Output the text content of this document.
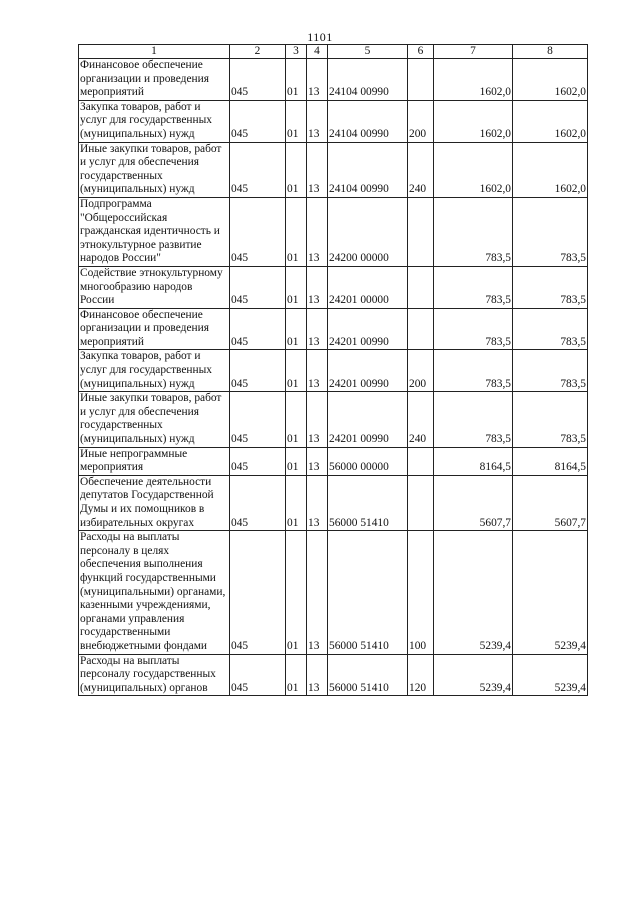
1101
1	2	3	4	5	6	7	8
Финансовое обеспечение организации и проведения мероприятий	045	01	13	24104 00990		1602,0	1602,0
Закупка товаров, работ и услуг для государственных (муниципальных) нужд	045	01	13	24104 00990	200	1602,0	1602,0
Иные закупки товаров, работ и услуг для обеспечения государственных (муниципальных) нужд	045	01	13	24104 00990	240	1602,0	1602,0
Подпрограмма "Общероссийская гражданская идентичность и этнокультурное развитие народов России"	045	01	13	24200 00000		783,5	783,5
Содействие этнокультурному многообразию народов России	045	01	13	24201 00000		783,5	783,5
Финансовое обеспечение организации и проведения мероприятий	045	01	13	24201 00990		783,5	783,5
Закупка товаров, работ и услуг для государственных (муниципальных) нужд	045	01	13	24201 00990	200	783,5	783,5
Иные закупки товаров, работ и услуг для обеспечения государственных (муниципальных) нужд	045	01	13	24201 00990	240	783,5	783,5
Иные непрограммные мероприятия	045	01	13	56000 00000		8164,5	8164,5
Обеспечение деятельности депутатов Государственной Думы и их помощников в избирательных округах	045	01	13	56000 51410		5607,7	5607,7
Расходы на выплаты персоналу в целях обеспечения выполнения функций государственными (муниципальными) органами, казенными учреждениями, органами управления государственными внебюджетными фондами	045	01	13	56000 51410	100	5239,4	5239,4
Расходы на выплаты персоналу государственных (муниципальных) органов	045	01	13	56000 51410	120	5239,4	5239,4
